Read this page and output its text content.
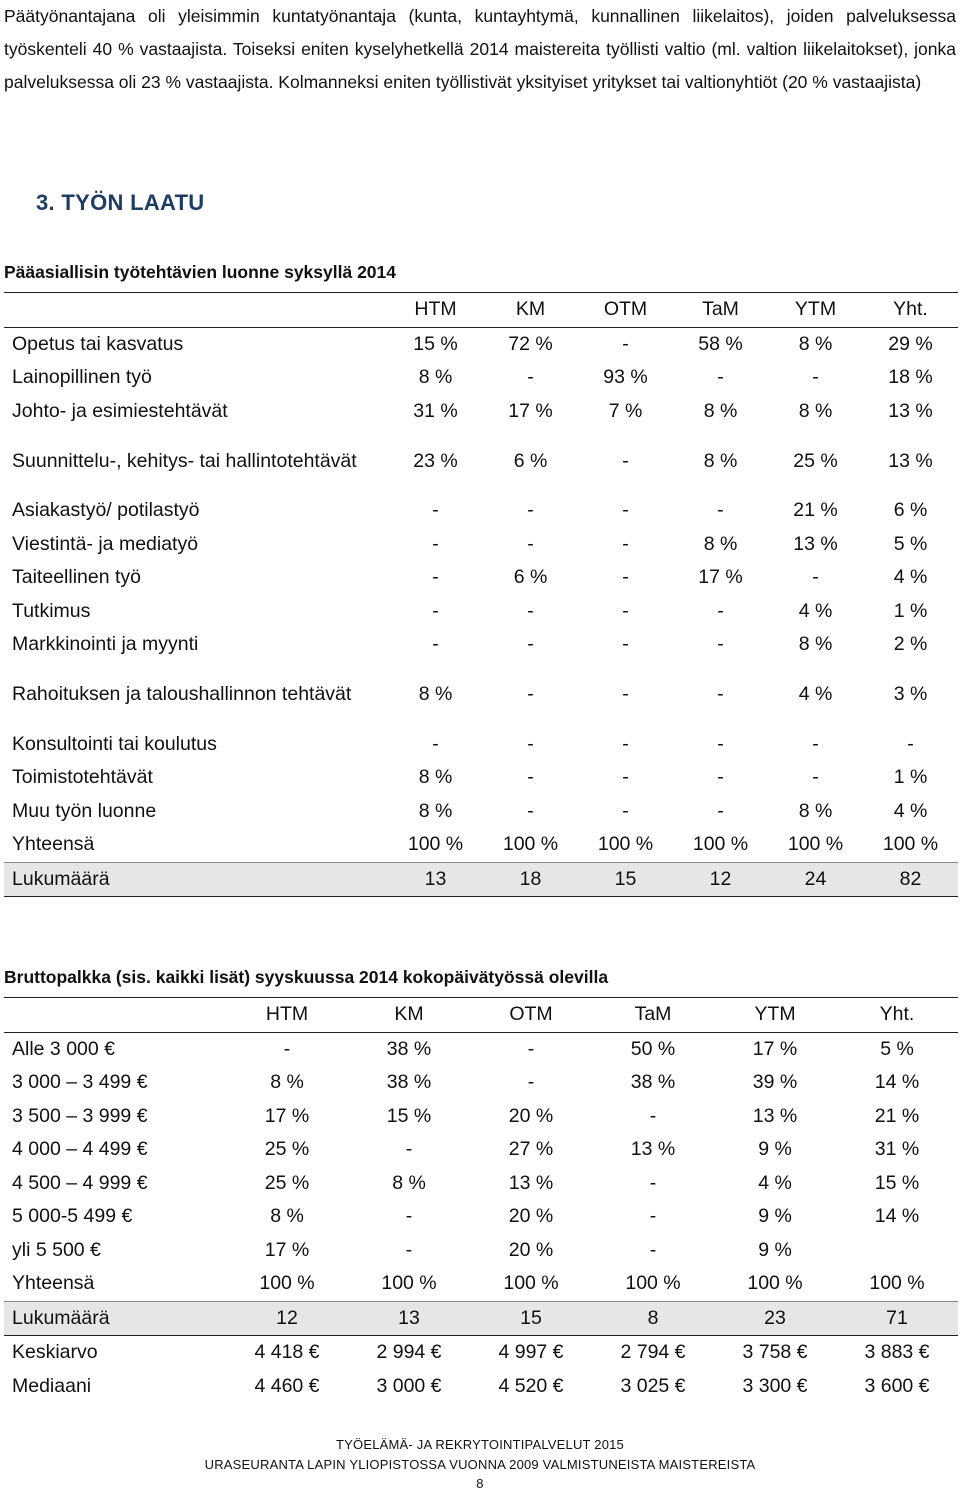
Päätyönantajana oli yleisimmin kuntatyönantaja (kunta, kuntayhtymä, kunnallinen liikelaitos), joiden palveluksessa työskenteli 40 % vastaajista. Toiseksi eniten kyselyhetkellä 2014 maistereita työllisti valtio (ml. valtion liikelaitokset), jonka palveluksessa oli 23 % vastaajista. Kolmanneksi eniten työllistivät yksityiset yritykset tai valtionyhtiöt (20 % vastaajista)

3. TYÖN LAATU
Pääasiallisin työtehtävien luonne syksyllä 2014
	HTM	KM	OTM	TaM	YTM	Yht.
Opetus tai kasvatus	15 %	72 %	-	58 %	8 %	29 %
Lainopillinen työ	8 %	-	93 %	-	-	18 %
Johto- ja esimiestehtävät	31 %	17 %	7 %	8 %	8 %	13 %
Suunnittelu-, kehitys- tai hallintotehtävät	23 %	6 %	-	8 %	25 %	13 %
Asiakastyö/ potilastyö	-	-	-	-	21 %	6 %
Viestintä- ja mediatyö	-	-	-	8 %	13 %	5 %
Taiteellinen työ	-	6 %	-	17 %	-	4 %
Tutkimus	-	-	-	-	4 %	1 %
Markkinointi ja myynti	-	-	-	-	8 %	2 %
Rahoituksen ja taloushallinnon tehtävät	8 %	-	-	-	4 %	3 %
Konsultointi tai koulutus	-	-	-	-	-	-
Toimistotehtävät	8 %	-	-	-	-	1 %
Muu työn luonne	8 %	-	-	-	8 %	4 %
Yhteensä	100 %	100 %	100 %	100 %	100 %	100 %
Lukumäärä	13	18	15	12	24	82
Bruttopalkka (sis. kaikki lisät) syyskuussa 2014 kokopäivätyössä olevilla
	HTM	KM	OTM	TaM	YTM	Yht.
Alle 3 000 €	-	38 %	-	50 %	17 %	5 %
3 000 – 3 499 €	8 %	38 %	-	38 %	39 %	14 %
3 500 – 3 999 €	17 %	15 %	20 %	-	13 %	21 %
4 000 – 4 499 €	25 %	-	27 %	13 %	9 %	31 %
4 500 – 4 999 €	25 %	8 %	13 %	-	4 %	15 %
5 000-5 499 €	8 %	-	20 %	-	9 %	14 %
yli 5 500 €	17 %	-	20 %	-	9 %	
Yhteensä	100 %	100 %	100 %	100 %	100 %	100 %
Lukumäärä	12	13	15	8	23	71
Keskiarvo	4 418 €	2 994 €	4 997 €	2 794 €	3 758 €	3 883 €
Mediaani	4 460 €	3 000 €	4 520 €	3 025 €	3 300 €	3 600 €
TYÖELÄMÄ- JA REKRYTOINTIPALVELUT 2015
URASEURANTA LAPIN YLIOPISTOSSA VUONNA 2009 VALMISTUNEISTA MAISTEREISTA
8
